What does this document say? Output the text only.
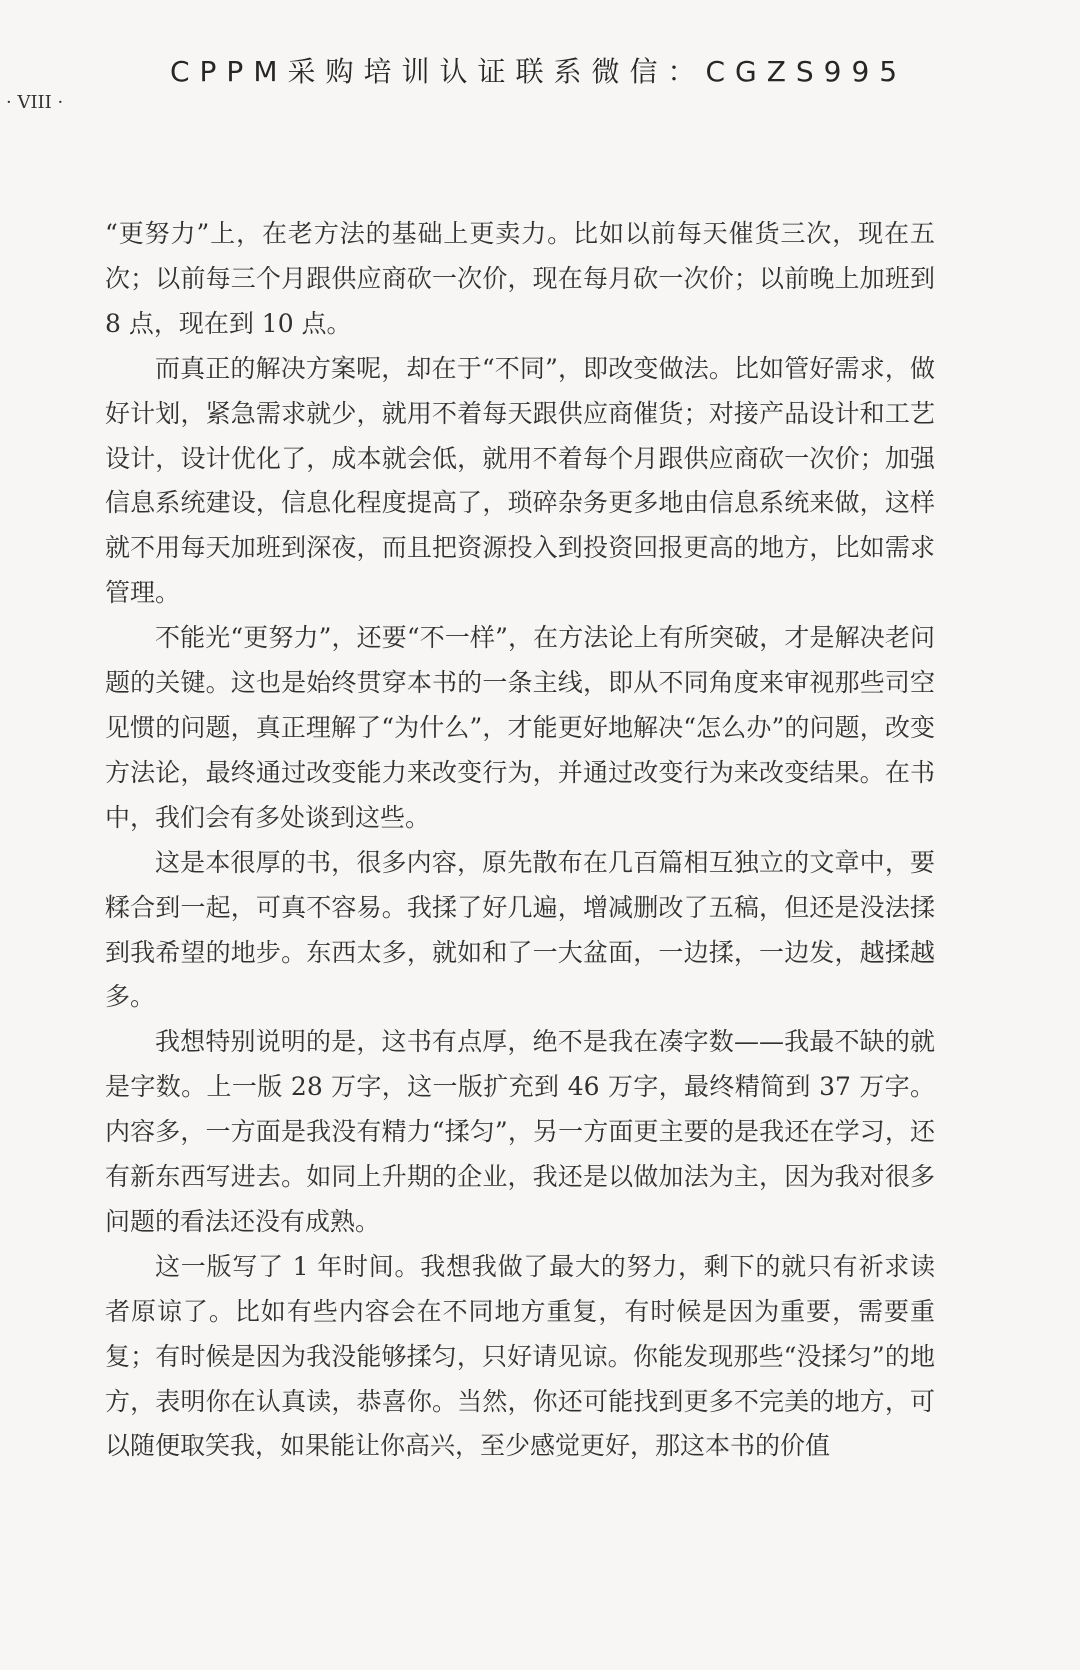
CPPM采购培训认证联系微信：CGZS995
· VIII ·

“更努力”上，在老方法的基础上更卖力。比如以前每天催货三次，现在五次；以前每三个月跟供应商砍一次价，现在每月砍一次价；以前晚上加班到 8 点，现在到 10 点。

而真正的解决方案呢，却在于“不同”，即改变做法。比如管好需求，做好计划，紧急需求就少，就用不着每天跟供应商催货；对接产品设计和工艺设计，设计优化了，成本就会低，就用不着每个月跟供应商砍一次价；加强信息系统建设，信息化程度提高了，琐碎杂务更多地由信息系统来做，这样就不用每天加班到深夜，而且把资源投入到投资回报更高的地方，比如需求管理。

不能光“更努力”，还要“不一样”，在方法论上有所突破，才是解决老问题的关键。这也是始终贯穿本书的一条主线，即从不同角度来审视那些司空见惯的问题，真正理解了“为什么”，才能更好地解决“怎么办”的问题，改变方法论，最终通过改变能力来改变行为，并通过改变行为来改变结果。在书中，我们会有多处谈到这些。

这是本很厚的书，很多内容，原先散布在几百篇相互独立的文章中，要糅合到一起，可真不容易。我揉了好几遍，增减删改了五稿，但还是没法揉到我希望的地步。东西太多，就如和了一大盆面，一边揉，一边发，越揉越多。

我想特别说明的是，这书有点厚，绝不是我在凑字数——我最不缺的就是字数。上一版 28 万字，这一版扩充到 46 万字，最终精简到 37 万字。内容多，一方面是我没有精力“揉匀”，另一方面更主要的是我还在学习，还有新东西写进去。如同上升期的企业，我还是以做加法为主，因为我对很多问题的看法还没有成熟。

这一版写了 1 年时间。我想我做了最大的努力，剩下的就只有祈求读者原谅了。比如有些内容会在不同地方重复，有时候是因为重要，需要重复；有时候是因为我没能够揉匀，只好请见谅。你能发现那些“没揉匀”的地方，表明你在认真读，恭喜你。当然，你还可能找到更多不完美的地方，可以随便取笑我，如果能让你高兴，至少感觉更好，那这本书的价值
